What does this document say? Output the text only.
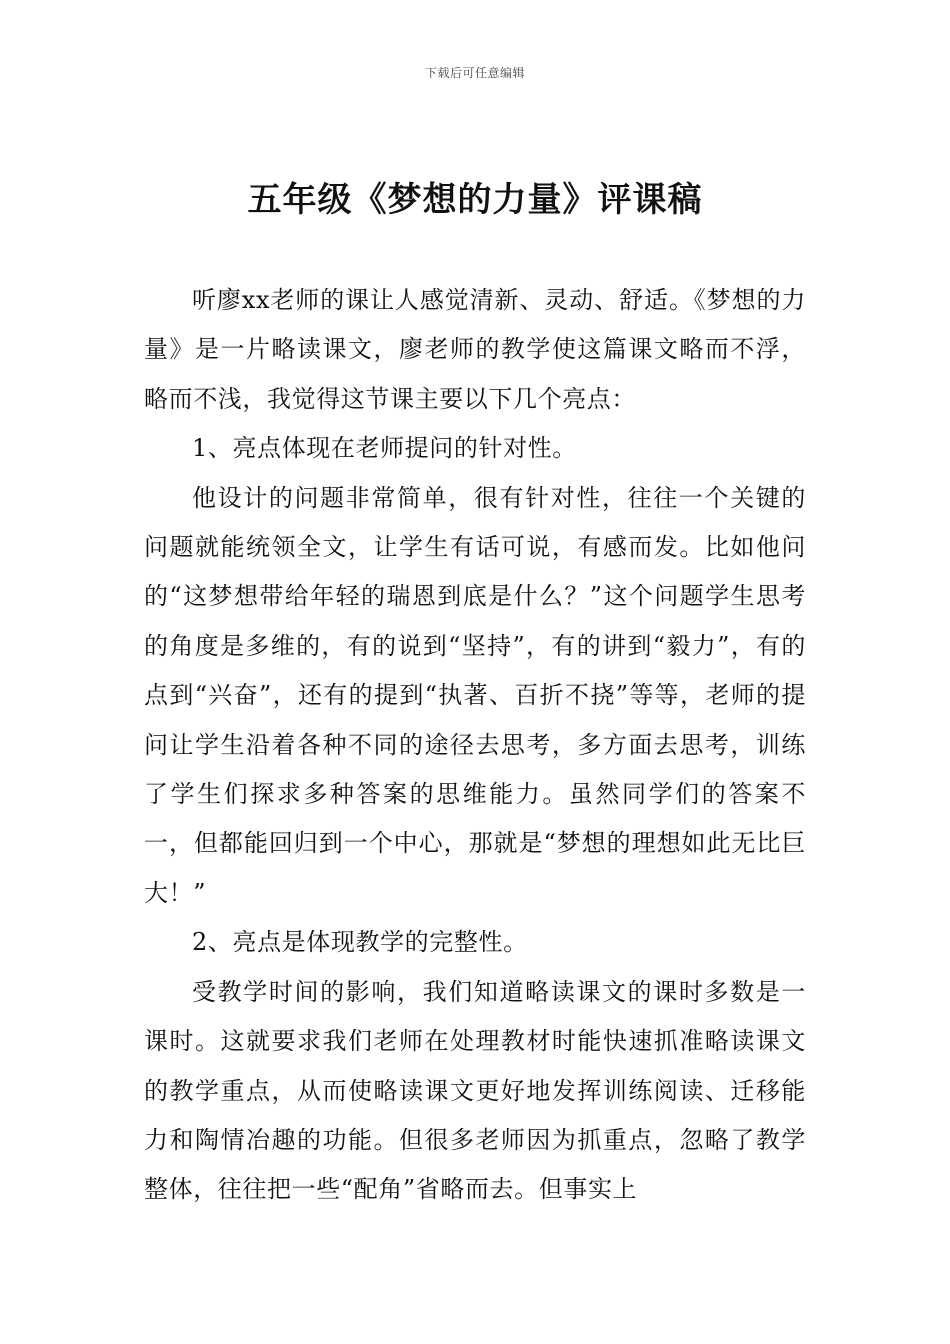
下载后可任意编辑
五年级《梦想的力量》评课稿

听廖xx老师的课让人感觉清新、灵动、舒适。《梦想的力量》是一片略读课文，廖老师的教学使这篇课文略而不浮，略而不浅，我觉得这节课主要以下几个亮点：

1、亮点体现在老师提问的针对性。

他设计的问题非常简单，很有针对性，往往一个关键的问题就能统领全文，让学生有话可说，有感而发。比如他问的“这梦想带给年轻的瑞恩到底是什么？”这个问题学生思考的角度是多维的，有的说到“坚持”，有的讲到“毅力”，有的点到“兴奋”，还有的提到“执著、百折不挠”等等，老师的提问让学生沿着各种不同的途径去思考，多方面去思考，训练了学生们探求多种答案的思维能力。虽然同学们的答案不一，但都能回归到一个中心，那就是“梦想的理想如此无比巨大！”

2、亮点是体现教学的完整性。

受教学时间的影响，我们知道略读课文的课时多数是一课时。这就要求我们老师在处理教材时能快速抓准略读课文的教学重点，从而使略读课文更好地发挥训练阅读、迁移能力和陶情冶趣的功能。但很多老师因为抓重点，忽略了教学整体，往往把一些“配角”省略而去。但事实上
